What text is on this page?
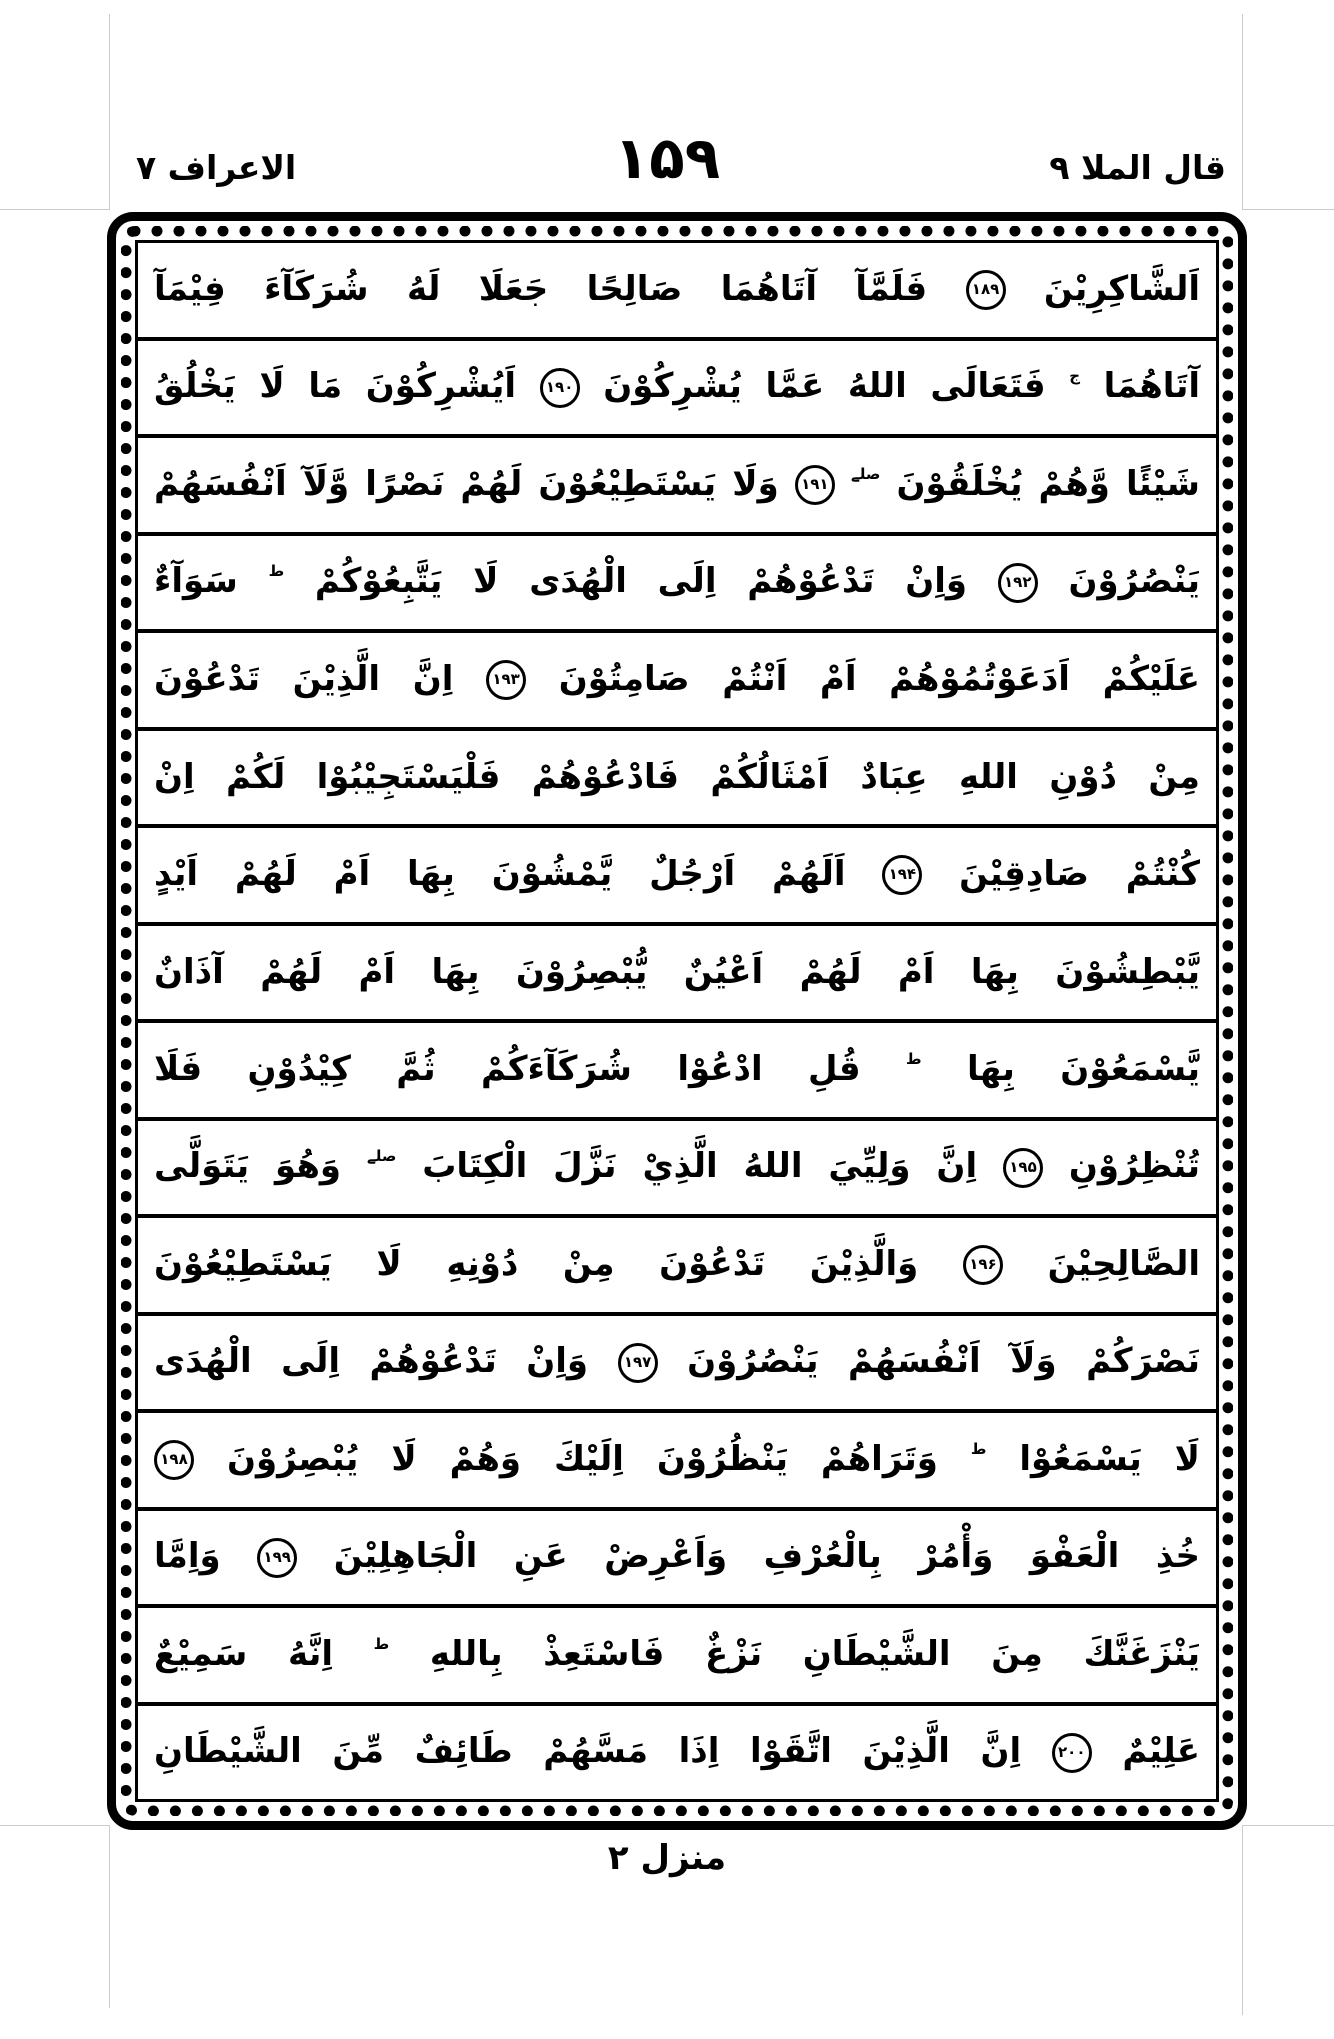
الاعراف ۷	۱۵۹	قال الملا ۹
اَلشَّاكِرِيْنَ ۱۸۹ فَلَمَّآ آتَاهُمَا صَالِحًا جَعَلَا لَهُ شُرَكَآءَ فِيْمَآ
آتَاهُمَا ج فَتَعَالَى اللهُ عَمَّا يُشْرِكُوْنَ ۱۹۰ اَيُشْرِكُوْنَ مَا لَا يَخْلُقُ
شَيْئًا وَّهُمْ يُخْلَقُوْنَ صلے ۱۹۱ وَلَا يَسْتَطِيْعُوْنَ لَهُمْ نَصْرًا وَّلَآ اَنْفُسَهُمْ
يَنْصُرُوْنَ ۱۹۲ وَاِنْ تَدْعُوْهُمْ اِلَى الْهُدَى لَا يَتَّبِعُوْكُمْ ط سَوَآءٌ
عَلَيْكُمْ اَدَعَوْتُمُوْهُمْ اَمْ اَنْتُمْ صَامِتُوْنَ ۱۹۳ اِنَّ الَّذِيْنَ تَدْعُوْنَ
مِنْ دُوْنِ اللهِ عِبَادٌ اَمْثَالُكُمْ فَادْعُوْهُمْ فَلْيَسْتَجِيْبُوْا لَكُمْ اِنْ
كُنْتُمْ صَادِقِيْنَ ۱۹۴ اَلَهُمْ اَرْجُلٌ يَّمْشُوْنَ بِهَا اَمْ لَهُمْ اَيْدٍ
يَّبْطِشُوْنَ بِهَا اَمْ لَهُمْ اَعْيُنٌ يُّبْصِرُوْنَ بِهَا اَمْ لَهُمْ آذَانٌ
يَّسْمَعُوْنَ بِهَا ط قُلِ ادْعُوْا شُرَكَآءَكُمْ ثُمَّ كِيْدُوْنِ فَلَا
تُنْظِرُوْنِ ۱۹۵ اِنَّ وَلِيِّيَ اللهُ الَّذِيْ نَزَّلَ الْكِتَابَ صلے وَهُوَ يَتَوَلَّى
الصَّالِحِيْنَ ۱۹۶ وَالَّذِيْنَ تَدْعُوْنَ مِنْ دُوْنِهِ لَا يَسْتَطِيْعُوْنَ
نَصْرَكُمْ وَلَآ اَنْفُسَهُمْ يَنْصُرُوْنَ ۱۹۷ وَاِنْ تَدْعُوْهُمْ اِلَى الْهُدَى
لَا يَسْمَعُوْا ط وَتَرَاهُمْ يَنْظُرُوْنَ اِلَيْكَ وَهُمْ لَا يُبْصِرُوْنَ ۱۹۸
خُذِ الْعَفْوَ وَأْمُرْ بِالْعُرْفِ وَاَعْرِضْ عَنِ الْجَاهِلِيْنَ ۱۹۹ وَاِمَّا
يَنْزَغَنَّكَ مِنَ الشَّيْطَانِ نَزْغٌ فَاسْتَعِذْ بِاللهِ ط اِنَّهُ سَمِيْعٌ
عَلِيْمٌ ۲۰۰ اِنَّ الَّذِيْنَ اتَّقَوْا اِذَا مَسَّهُمْ طَائِفٌ مِّنَ الشَّيْطَانِ
منزل ۲
